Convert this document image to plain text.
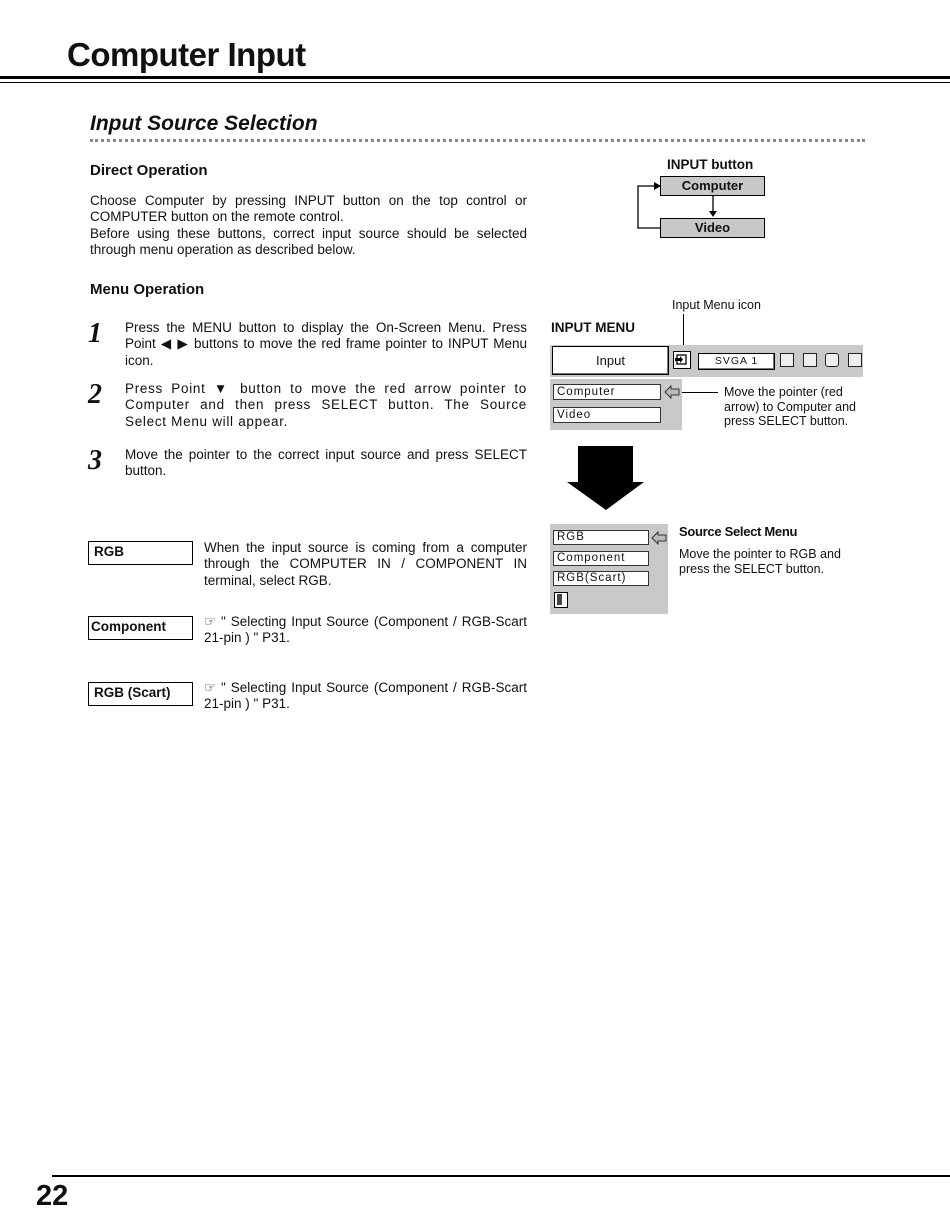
Computer Input
Input Source Selection
Direct Operation

Choose Computer by pressing INPUT button on the top control or COMPUTER button on the remote control.

Before using these buttons, correct input source should be selected through menu operation as described below.

INPUT button
Computer
Video
Menu Operation
1 Press the MENU button to display the On-Screen Menu. Press Point ◀ ▶ buttons to move the red frame pointer to INPUT Menu icon.

2 Press Point ▼ button to move the red arrow pointer to Computer and then press SELECT button. The Source Select Menu will appear.

3 Move the pointer to the correct input source and press SELECT button.

Input Menu icon
INPUT MENU
Input	SVGA 1
Computer
Video
Move the pointer (red arrow) to Computer and press SELECT button.
RGB
Component
RGB(Scart)
Source Select Menu
Move the pointer to RGB and press the SELECT button.
RGB	When the input source is coming from a computer through the COMPUTER IN / COMPONENT IN terminal, select RGB.

Component	☞ " Selecting Input Source (Component / RGB-Scart 21-pin ) " P31.

RGB (Scart)	☞ " Selecting Input Source (Component / RGB-Scart 21-pin ) " P31.

22
